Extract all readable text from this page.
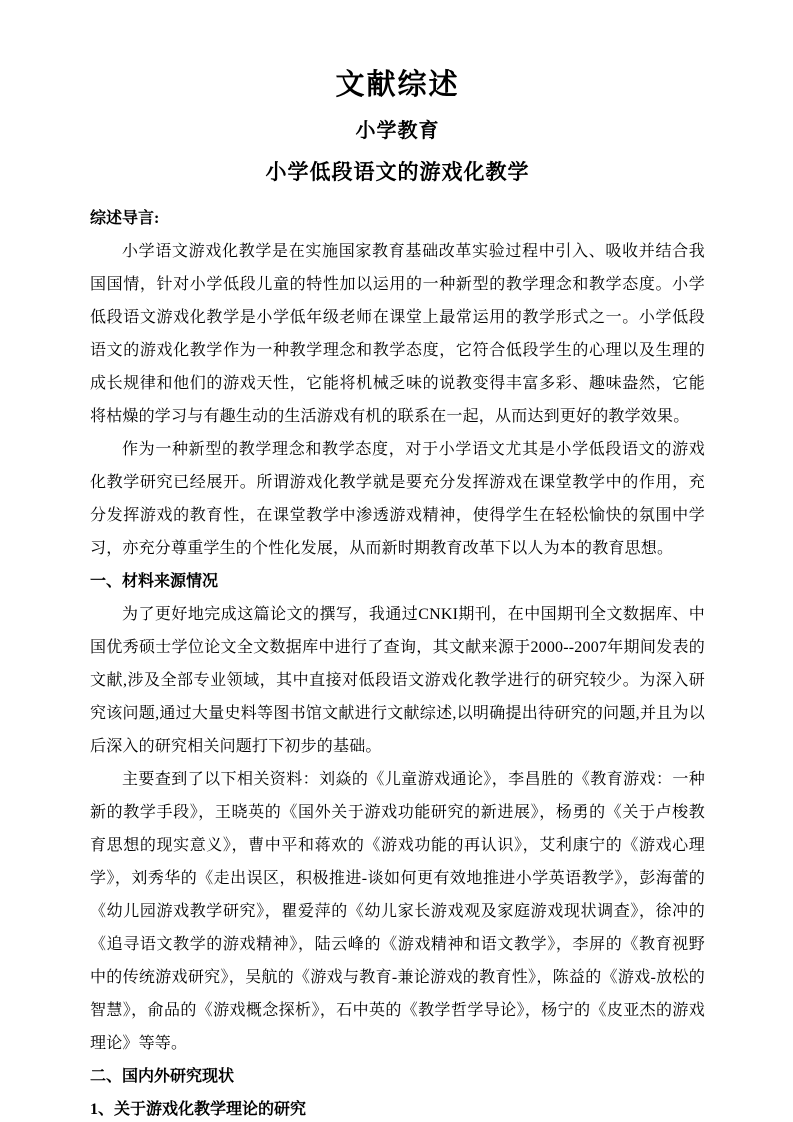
文献综述
小学教育
小学低段语文的游戏化教学
综述导言:

小学语文游戏化教学是在实施国家教育基础改革实验过程中引入、吸收并结合我国国情，针对小学低段儿童的特性加以运用的一种新型的教学理念和教学态度。小学低段语文游戏化教学是小学低年级老师在课堂上最常运用的教学形式之一。小学低段语文的游戏化教学作为一种教学理念和教学态度，它符合低段学生的心理以及生理的成长规律和他们的游戏天性，它能将机械乏味的说教变得丰富多彩、趣味盎然，它能将枯燥的学习与有趣生动的生活游戏有机的联系在一起，从而达到更好的教学效果。

作为一种新型的教学理念和教学态度，对于小学语文尤其是小学低段语文的游戏化教学研究已经展开。所谓游戏化教学就是要充分发挥游戏在课堂教学中的作用，充分发挥游戏的教育性，在课堂教学中渗透游戏精神，使得学生在轻松愉快的氛围中学习，亦充分尊重学生的个性化发展，从而新时期教育改革下以人为本的教育思想。

一、材料来源情况

为了更好地完成这篇论文的撰写，我通过CNKI期刊，在中国期刊全文数据库、中国优秀硕士学位论文全文数据库中进行了查询，其文献来源于2000--2007年期间发表的文献,涉及全部专业领域，其中直接对低段语文游戏化教学进行的研究较少。为深入研究该问题,通过大量史料等图书馆文献进行文献综述,以明确提出待研究的问题,并且为以后深入的研究相关问题打下初步的基础。

主要查到了以下相关资料：刘焱的《儿童游戏通论》，李昌胜的《教育游戏：一种新的教学手段》，王晓英的《国外关于游戏功能研究的新进展》，杨勇的《关于卢梭教育思想的现实意义》，曹中平和蒋欢的《游戏功能的再认识》，艾利康宁的《游戏心理学》，刘秀华的《走出误区，积极推进-谈如何更有效地推进小学英语教学》，彭海蕾的《幼儿园游戏教学研究》，瞿爱萍的《幼儿家长游戏观及家庭游戏现状调查》，徐冲的《追寻语文教学的游戏精神》，陆云峰的《游戏精神和语文教学》，李屏的《教育视野中的传统游戏研究》，吴航的《游戏与教育-兼论游戏的教育性》，陈益的《游戏-放松的智慧》，俞品的《游戏概念探析》，石中英的《教学哲学导论》，杨宁的《皮亚杰的游戏理论》等等。

二、国内外研究现状
1、关于游戏化教学理论的研究
